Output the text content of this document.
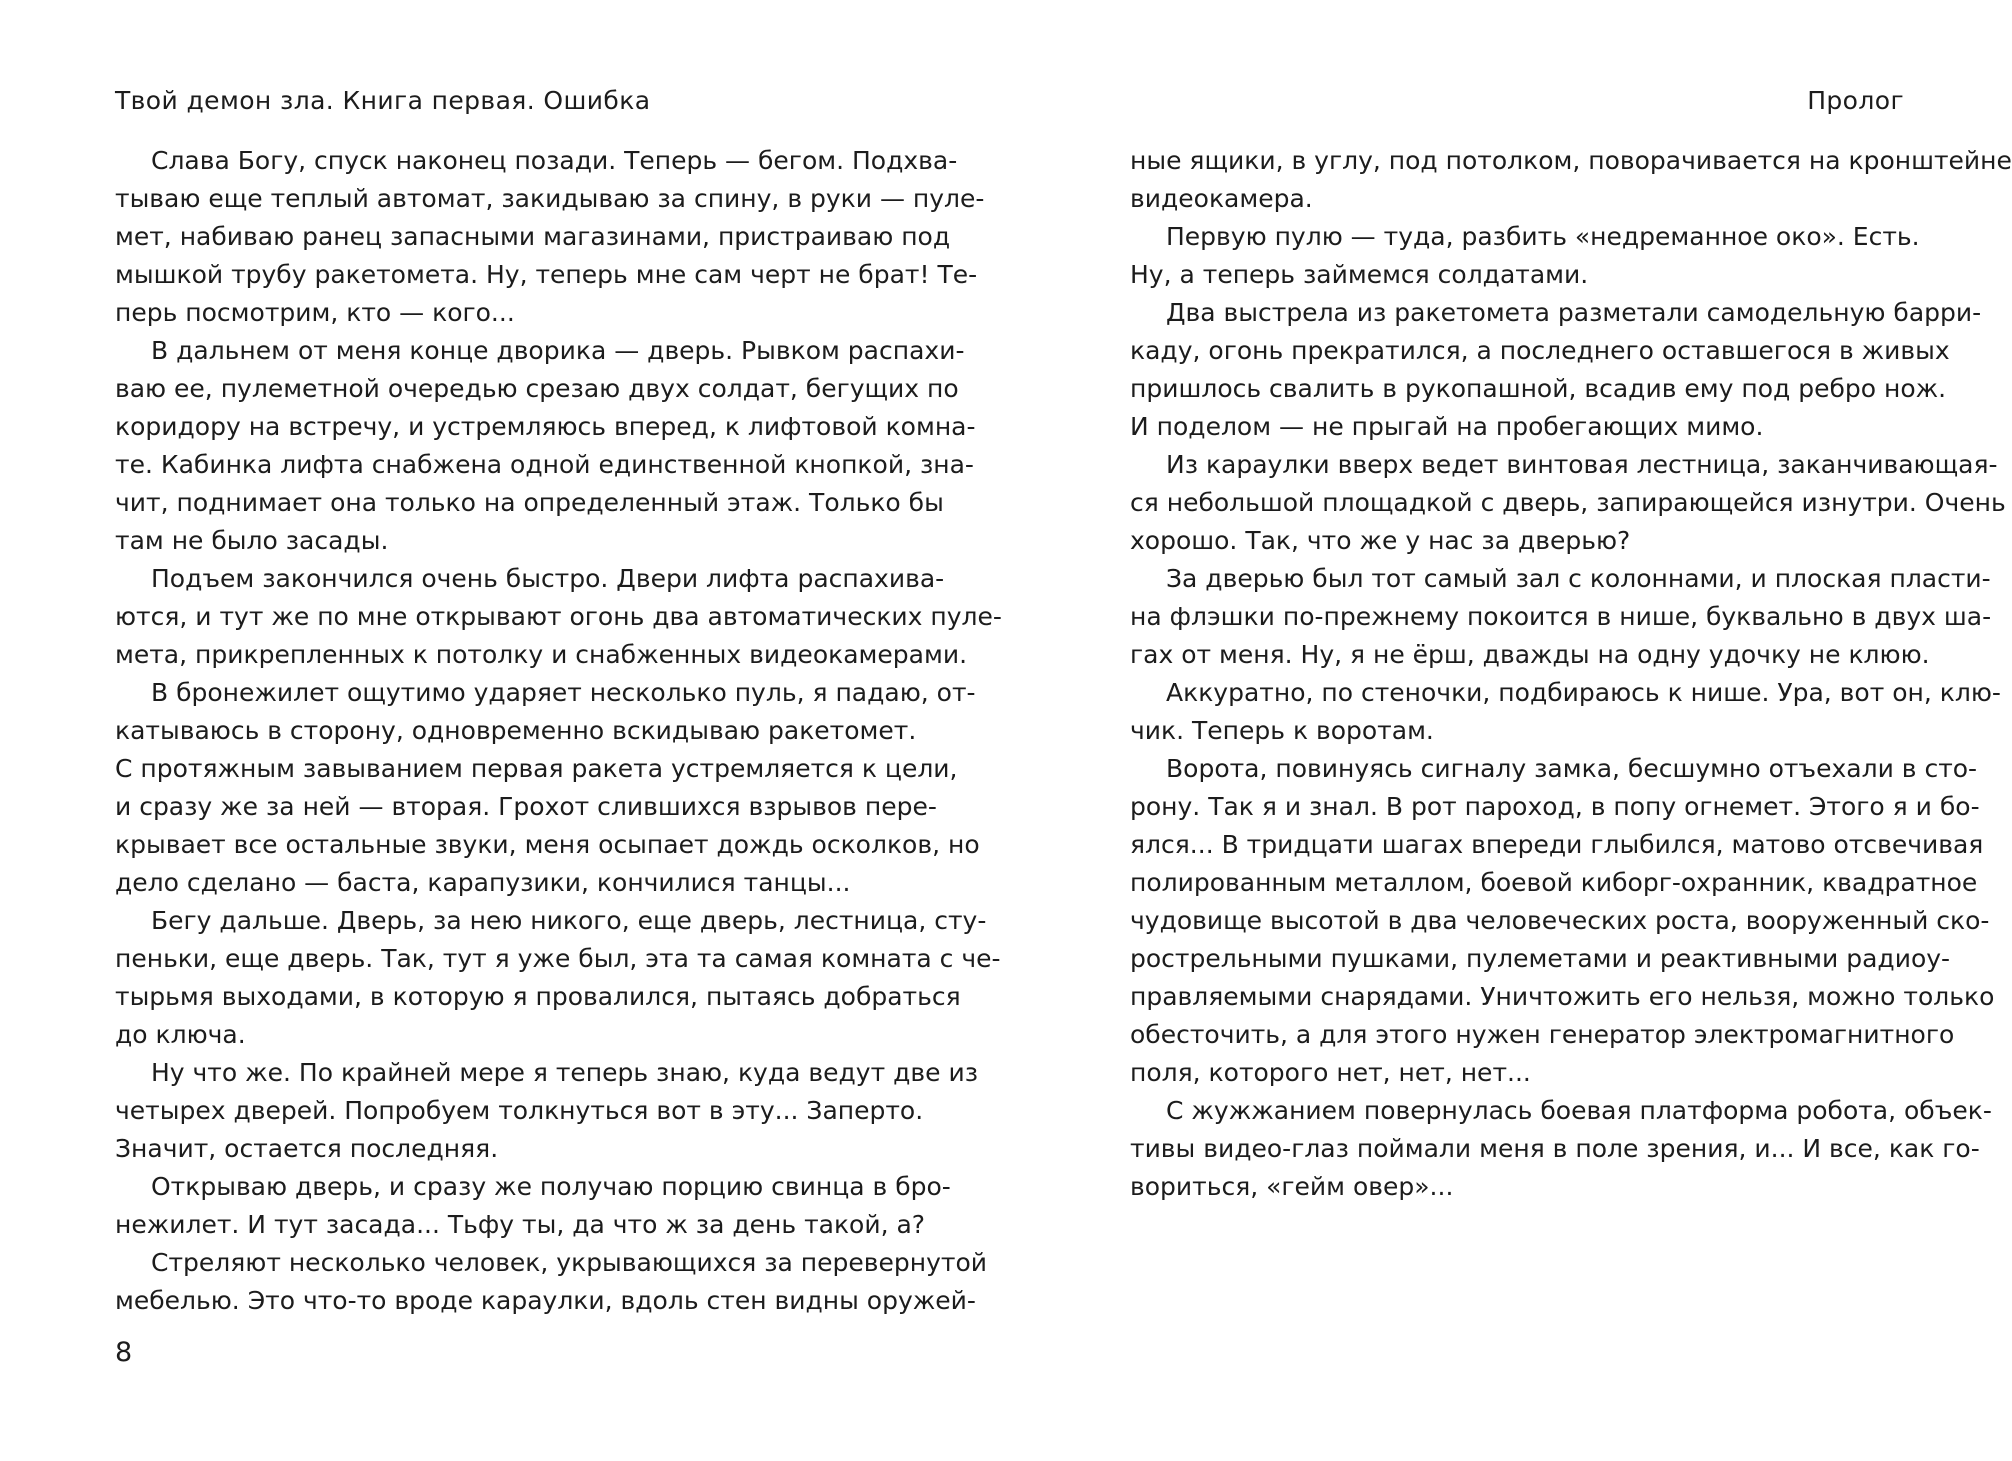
Твой демон зла. Книга первая. Ошибка
Слава Богу, спуск наконец позади. Теперь — бегом. Подхва-
тываю еще теплый автомат, закидываю за спину, в руки — пуле-
мет, набиваю ранец запасными магазинами, пристраиваю под
мышкой трубу ракетомета. Ну, теперь мне сам черт не брат! Те-
перь посмотрим, кто — кого...
В дальнем от меня конце дворика — дверь. Рывком распахи-
ваю ее, пулеметной очередью срезаю двух солдат, бегущих по
коридору на встречу, и устремляюсь вперед, к лифтовой комна-
те. Кабинка лифта снабжена одной единственной кнопкой, зна-
чит, поднимает она только на определенный этаж. Только бы
там не было засады.
Подъем закончился очень быстро. Двери лифта распахива-
ются, и тут же по мне открывают огонь два автоматических пуле-
мета, прикрепленных к потолку и снабженных видеокамерами.
В бронежилет ощутимо ударяет несколько пуль, я падаю, от-
катываюсь в сторону, одновременно вскидываю ракетомет.
С протяжным завыванием первая ракета устремляется к цели,
и сразу же за ней — вторая. Грохот слившихся взрывов пере-
крывает все остальные звуки, меня осыпает дождь осколков, но
дело сделано — баста, карапузики, кончилися танцы...
Бегу дальше. Дверь, за нею никого, еще дверь, лестница, сту-
пеньки, еще дверь. Так, тут я уже был, эта та самая комната с че-
тырьмя выходами, в которую я провалился, пытаясь добраться
до ключа.
Ну что же. По крайней мере я теперь знаю, куда ведут две из
четырех дверей. Попробуем толкнуться вот в эту... Заперто.
Значит, остается последняя.
Открываю дверь, и сразу же получаю порцию свинца в бро-
нежилет. И тут засада... Тьфу ты, да что ж за день такой, а?
Стреляют несколько человек, укрывающихся за перевернутой
мебелью. Это что-то вроде караулки, вдоль стен видны оружей-
8
Пролог
ные ящики, в углу, под потолком, поворачивается на кронштейне
видеокамера.
Первую пулю — туда, разбить «недреманное око». Есть.
Ну, а теперь займемся солдатами.
Два выстрела из ракетомета разметали самодельную барри-
каду, огонь прекратился, а последнего оставшегося в живых
пришлось свалить в рукопашной, всадив ему под ребро нож.
И поделом — не прыгай на пробегающих мимо.
Из караулки вверх ведет винтовая лестница, заканчивающая-
ся небольшой площадкой с дверь, запирающейся изнутри. Очень
хорошо. Так, что же у нас за дверью?
За дверью был тот самый зал с колоннами, и плоская пласти-
на флэшки по-прежнему покоится в нише, буквально в двух ша-
гах от меня. Ну, я не ёрш, дважды на одну удочку не клюю.
Аккуратно, по стеночки, подбираюсь к нише. Ура, вот он, клю-
чик. Теперь к воротам.
Ворота, повинуясь сигналу замка, бесшумно отъехали в сто-
рону. Так я и знал. В рот пароход, в попу огнемет. Этого я и бо-
ялся... В тридцати шагах впереди глыбился, матово отсвечивая
полированным металлом, боевой киборг-охранник, квадратное
чудовище высотой в два человеческих роста, вооруженный ско-
рострельными пушками, пулеметами и реактивными радиоу-
правляемыми снарядами. Уничтожить его нельзя, можно только
обесточить, а для этого нужен генератор электромагнитного
поля, которого нет, нет, нет...
С жужжанием повернулась боевая платформа робота, объек-
тивы видео-глаз поймали меня в поле зрения, и... И все, как го-
вориться, «гейм овер»...
